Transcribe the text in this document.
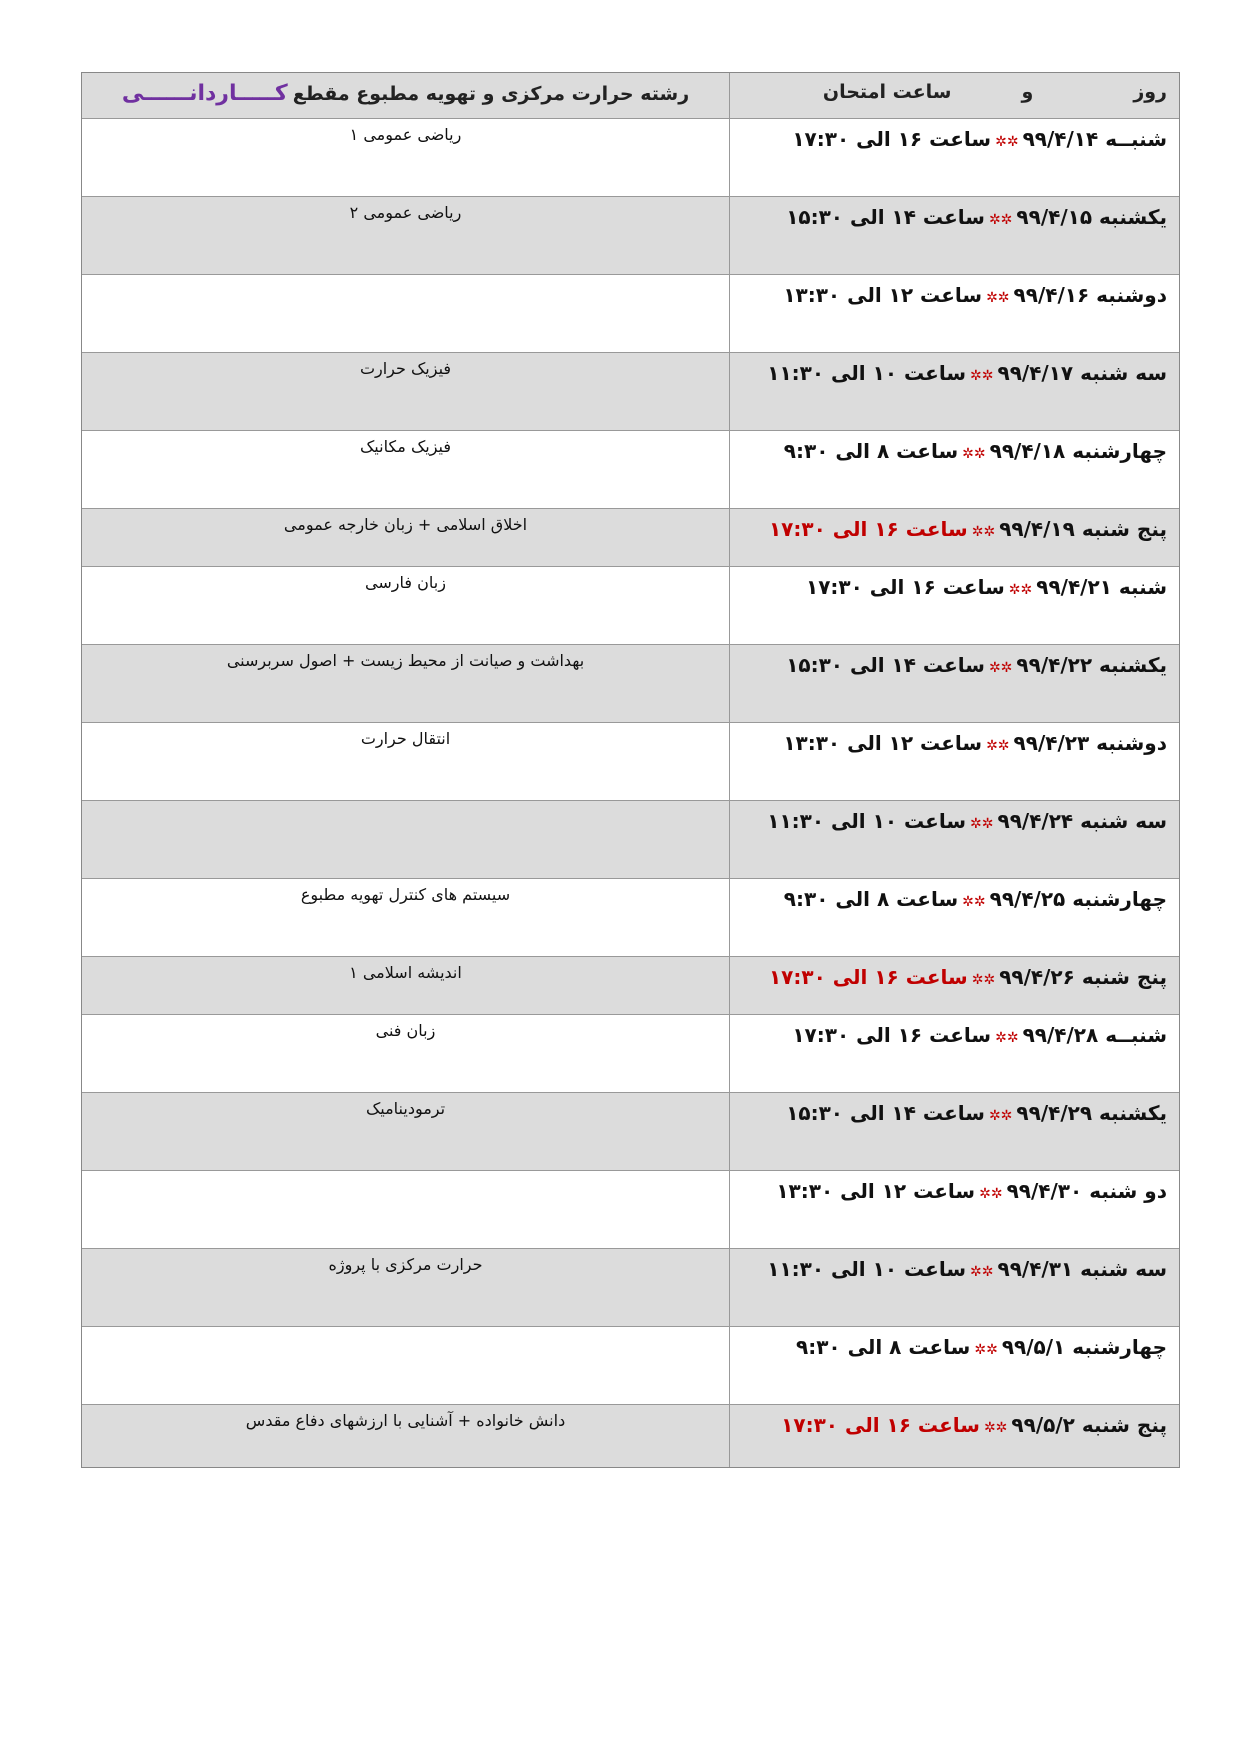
روزوساعت امتحان
رشته حرارت مرکزی و تهویه مطبوع مقطع کـــــاردانــــــی
شنبــه ۹۹/۴/۱۴✲✲ساعت ۱۶ الی ۱۷:۳۰
ریاضی عمومی ۱
یکشنبه ۹۹/۴/۱۵✲✲ساعت ۱۴ الی ۱۵:۳۰
ریاضی عمومی ۲
دوشنبه ۹۹/۴/۱۶✲✲ساعت ۱۲ الی ۱۳:۳۰
سه شنبه ۹۹/۴/۱۷✲✲ساعت ۱۰ الی ۱۱:۳۰
فیزیک حرارت
چهارشنبه ۹۹/۴/۱۸✲✲ساعت ۸ الی ۹:۳۰
فیزیک مکانیک
پنج شنبه ۹۹/۴/۱۹✲✲ساعت ۱۶ الی ۱۷:۳۰
اخلاق اسلامی + زبان خارجه عمومی
شنبه ۹۹/۴/۲۱✲✲ساعت ۱۶ الی ۱۷:۳۰
زبان فارسی
یکشنبه ۹۹/۴/۲۲✲✲ساعت ۱۴ الی ۱۵:۳۰
بهداشت و صیانت از محیط زیست + اصول سربرسنی
دوشنبه ۹۹/۴/۲۳✲✲ساعت ۱۲ الی ۱۳:۳۰
انتقال حرارت
سه شنبه ۹۹/۴/۲۴✲✲ساعت ۱۰ الی ۱۱:۳۰
چهارشنبه ۹۹/۴/۲۵✲✲ساعت ۸ الی ۹:۳۰
سیستم های کنترل تهویه مطبوع
پنج شنبه ۹۹/۴/۲۶✲✲ساعت ۱۶ الی ۱۷:۳۰
اندیشه اسلامی ۱
شنبــه ۹۹/۴/۲۸✲✲ساعت ۱۶ الی ۱۷:۳۰
زبان فنی
یکشنبه ۹۹/۴/۲۹✲✲ساعت ۱۴ الی ۱۵:۳۰
ترمودینامیک
دو شنبه ۹۹/۴/۳۰✲✲ساعت ۱۲ الی ۱۳:۳۰
سه شنبه ۹۹/۴/۳۱✲✲ساعت ۱۰ الی ۱۱:۳۰
حرارت مرکزی با پروژه
چهارشنبه ۹۹/۵/۱✲✲ساعت ۸ الی ۹:۳۰
پنج شنبه ۹۹/۵/۲✲✲ساعت ۱۶ الی ۱۷:۳۰
دانش خانواده + آشنایی با ارزشهای دفاع مقدس
